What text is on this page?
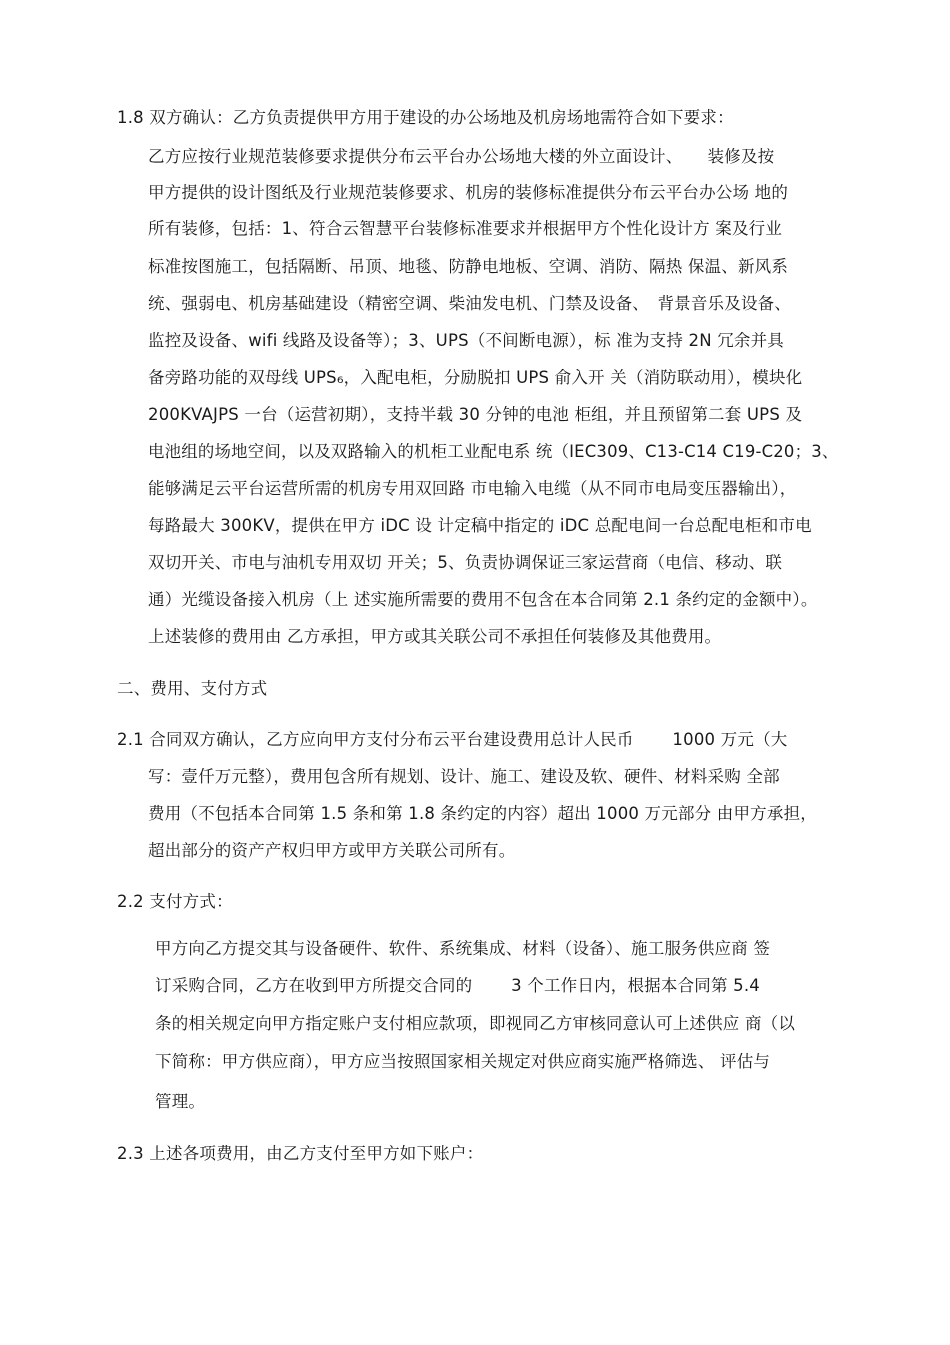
1.8 双方确认：乙方负责提供甲方用于建设的办公场地及机房场地需符合如下要求：
乙方应按行业规范装修要求提供分布云平台办公场地大楼的外立面设计、　　装修及按
甲方提供的设计图纸及行业规范装修要求、机房的装修标准提供分布云平台办公场 地的
所有装修，包括：1、符合云智慧平台装修标准要求并根据甲方个性化设计方 案及行业
标准按图施工，包括隔断、吊顶、地毯、防静电地板、空调、消防、隔热 保温、新风系
统、强弱电、机房基础建设（精密空调、柴油发电机、门禁及设备、　背景音乐及设备、
监控及设备、wifi 线路及设备等）；3、UPS（不间断电源），标 准为支持 2N 冗余并具
备旁路功能的双母线 UPS₆，入配电柜，分励脱扣 UPS 俞入开 关（消防联动用），模块化
200KVAJPS 一台（运营初期），支持半载 30 分钟的电池 柜组，并且预留第二套 UPS 及
电池组的场地空间，以及双路输入的机柜工业配电系 统（IEC309、C13-C14 C19-C20；3、
能够满足云平台运营所需的机房专用双回路 市电输入电缆（从不同市电局变压器输出），
每路最大 300KV，提供在甲方 iDC 设 计定稿中指定的 iDC 总配电间一台总配电柜和市电
双切开关、市电与油机专用双切 开关；5、负责协调保证三家运营商（电信、移动、联
通）光缆设备接入机房（上 述实施所需要的费用不包含在本合同第 2.1 条约定的金额中）。
上述装修的费用由 乙方承担，甲方或其关联公司不承担任何装修及其他费用。
二、费用、支付方式
2.1 合同双方确认，乙方应向甲方支付分布云平台建设费用总计人民币　　 1000 万元（大
写：壹仟万元整），费用包含所有规划、设计、施工、建设及软、硬件、材料采购 全部
费用（不包括本合同第 1.5 条和第 1.8 条约定的内容）超出 1000 万元部分 由甲方承担，
超出部分的资产产权归甲方或甲方关联公司所有。
2.2 支付方式：
甲方向乙方提交其与设备硬件、软件、系统集成、材料（设备）、施工服务供应商 签
订采购合同，乙方在收到甲方所提交合同的　　 3 个工作日内，根据本合同第 5.4
条的相关规定向甲方指定账户支付相应款项，即视同乙方审核同意认可上述供应 商（以
下简称：甲方供应商），甲方应当按照国家相关规定对供应商实施严格筛选、 评估与
管理。
2.3 上述各项费用，由乙方支付至甲方如下账户：
